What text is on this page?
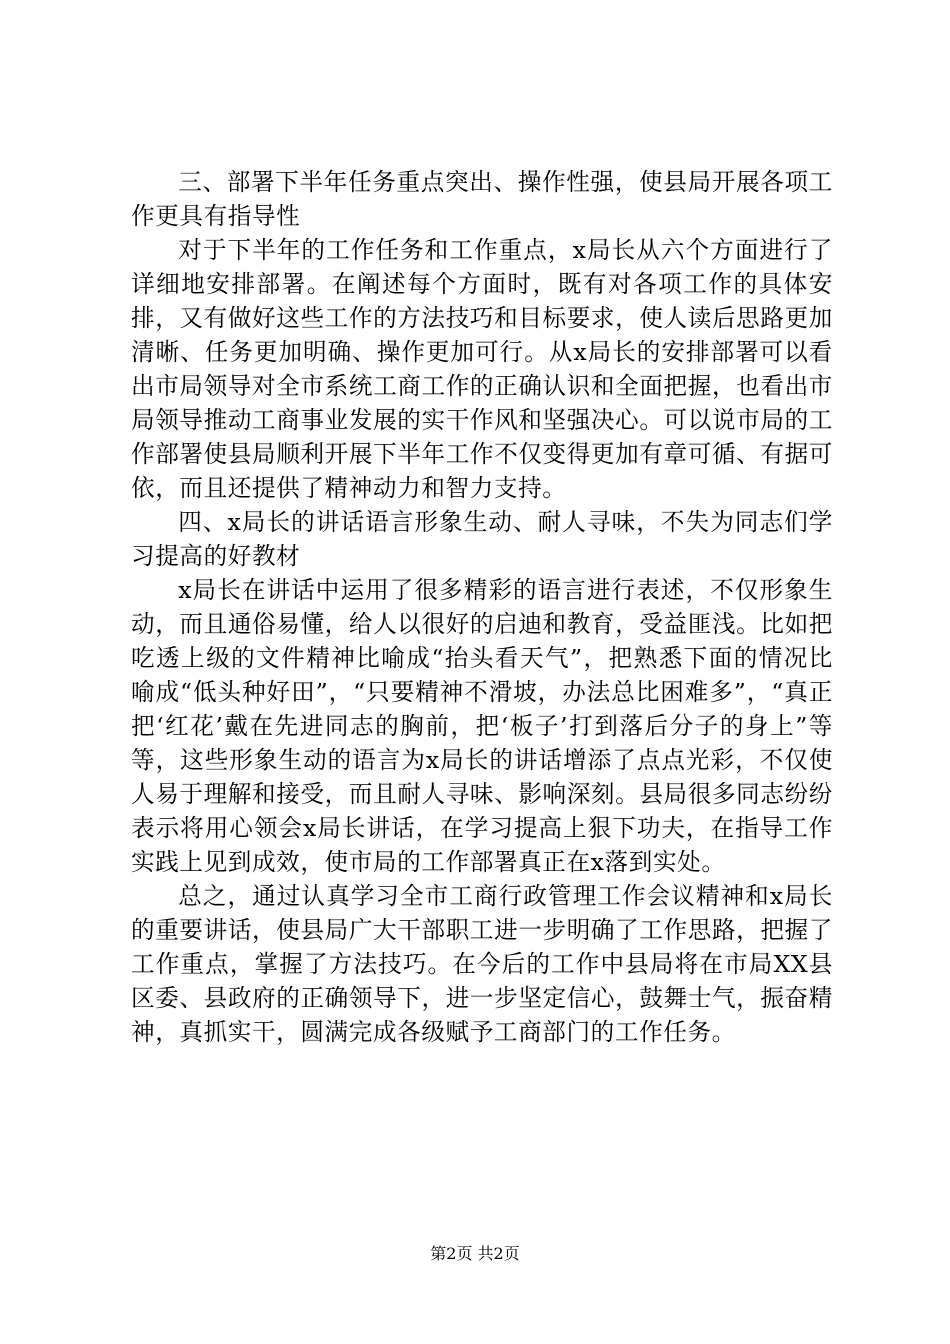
三、部署下半年任务重点突出、操作性强，使县局开展各项工作更具有指导性

对于下半年的工作任务和工作重点，x局长从六个方面进行了详细地安排部署。在阐述每个方面时，既有对各项工作的具体安排，又有做好这些工作的方法技巧和目标要求，使人读后思路更加清晰、任务更加明确、操作更加可行。从x局长的安排部署可以看出市局领导对全市系统工商工作的正确认识和全面把握，也看出市局领导推动工商事业发展的实干作风和坚强决心。可以说市局的工作部署使县局顺利开展下半年工作不仅变得更加有章可循、有据可依，而且还提供了精神动力和智力支持。

四、x局长的讲话语言形象生动、耐人寻味，不失为同志们学习提高的好教材

x局长在讲话中运用了很多精彩的语言进行表述，不仅形象生动，而且通俗易懂，给人以很好的启迪和教育，受益匪浅。比如把吃透上级的文件精神比喻成“抬头看天气”，把熟悉下面的情况比喻成“低头种好田”，“只要精神不滑坡，办法总比困难多”，“真正把‘红花’戴在先进同志的胸前，把‘板子’打到落后分子的身上”等等，这些形象生动的语言为x局长的讲话增添了点点光彩，不仅使人易于理解和接受，而且耐人寻味、影响深刻。县局很多同志纷纷表示将用心领会x局长讲话，在学习提高上狠下功夫，在指导工作实践上见到成效，使市局的工作部署真正在x落到实处。

总之，通过认真学习全市工商行政管理工作会议精神和x局长的重要讲话，使县局广大干部职工进一步明确了工作思路，把握了工作重点，掌握了方法技巧。在今后的工作中县局将在市局XX县区委、县政府的正确领导下，进一步坚定信心，鼓舞士气，振奋精神，真抓实干，圆满完成各级赋予工商部门的工作任务。

第2页 共2页
